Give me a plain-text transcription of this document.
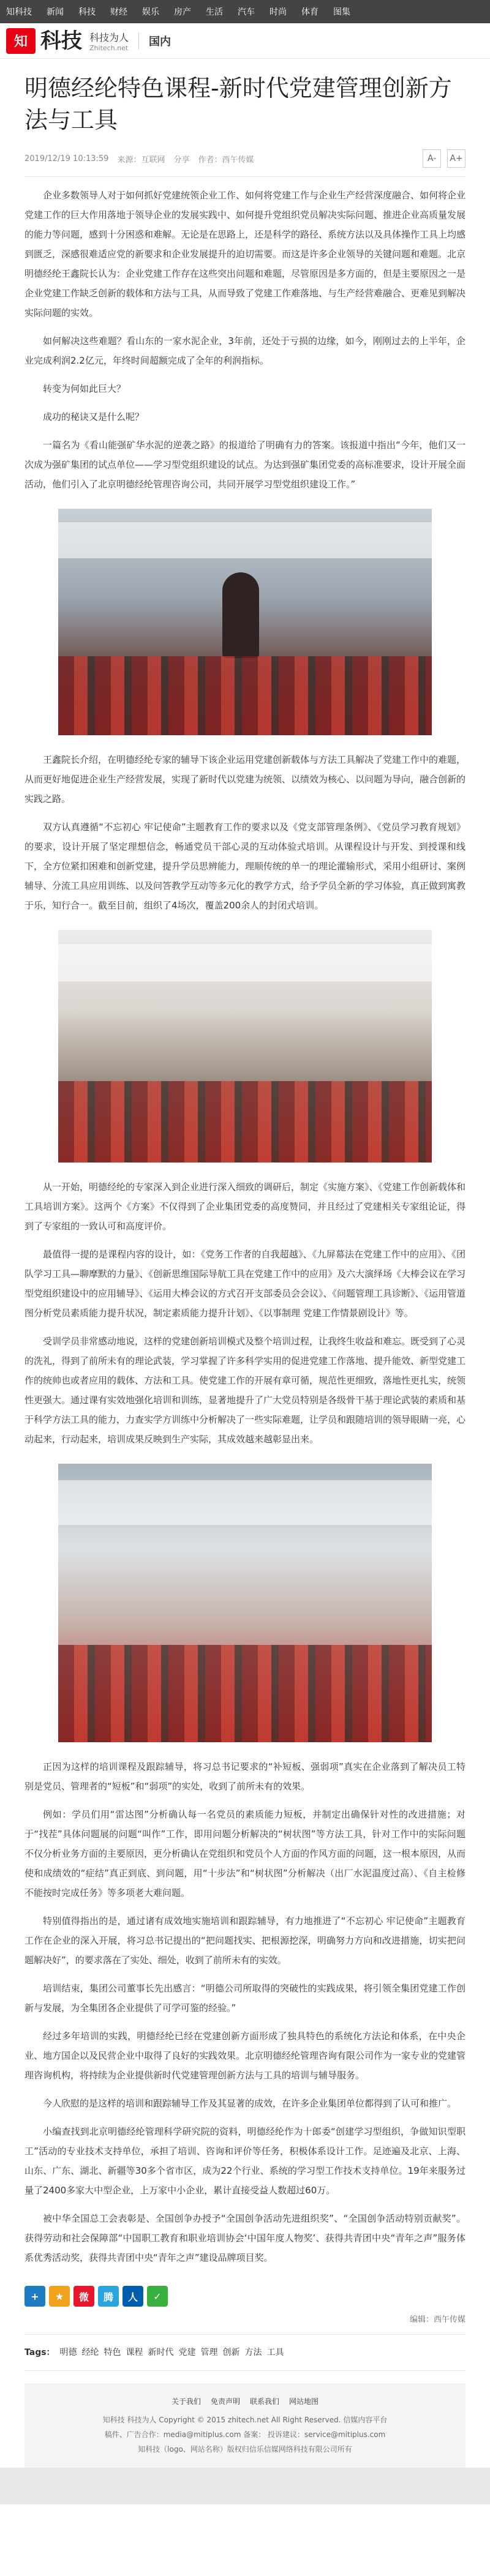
知科技 新闻 科技 财经 娱乐 房产 生活 汽车 时尚 体育 图集
知 科技 科技为人
Zhitech.net 国内
明德经纶特色课程-新时代党建管理创新方法与工具
2019/12/19 10:13:59 来源：互联网 分享 作者：西午传媒	A-	A+

企业多数领导人对于如何抓好党建统领企业工作、如何将党建工作与企业生产经营深度融合、如何将企业党建工作的巨大作用落地于领导企业的发展实践中、如何提升党组织党员解决实际问题、推进企业高质量发展的能力等问题，感到十分困惑和难解。无论是在思路上，还是科学的路径、系统方法以及具体操作工具上均感到匮乏，深感很难适应党的新要求和企业发展提升的迫切需要。而这是许多企业领导的关键问题和难题。北京明德经纶王鑫院长认为：企业党建工作存在这些突出问题和难题，尽管原因是多方面的，但是主要原因之一是企业党建工作缺乏创新的载体和方法与工具，从而导致了党建工作难落地、与生产经营难融合、更难见到解决实际问题的实效。

如何解决这些难题？看山东的一家水泥企业，3年前，还处于亏损的边缘，如今，刚刚过去的上半年，企业完成利润2.2亿元，年终时间超额完成了全年的利润指标。

转变为何如此巨大？

成功的秘诀又是什么呢？

一篇名为《看山能强矿华水泥的逆袭之路》的报道给了明确有力的答案。该报道中指出“今年，他们又一次成为强矿集团的试点单位——学习型党组织建设的试点。为达到强矿集团党委的高标准要求，设计开展全面活动，他们引入了北京明德经纶管理咨询公司，共同开展学习型党组织建设工作。”

王鑫院长介绍，在明德经纶专家的辅导下该企业运用党建创新载体与方法工具解决了党建工作中的难题，从而更好地促进企业生产经营发展，实现了新时代以党建为统领、以绩效为核心、以问题为导向，融合创新的实践之路。

双方认真遵循“不忘初心 牢记使命”主题教育工作的要求以及《党支部管理条例》、《党员学习教育规划》的要求，设计开展了坚定理想信念，畅通党员干部心灵的互动体验式培训。从课程设计与开发、到授课和线下，全方位紧扣困难和创新党建，提升学员思辨能力，理顺传统的单一的理论灌输形式，采用小组研讨、案例辅导、分流工具应用训练、以及问答教学互动等多元化的教学方式，给予学员全新的学习体验，真正做到寓教于乐，知行合一。截至目前，组织了4场次，覆盖200余人的封闭式培训。

从一开始，明德经纶的专家深入到企业进行深入细致的调研后，制定《实施方案》、《党建工作创新载体和工具培训方案》。这两个《方案》不仅得到了企业集团党委的高度赞同，并且经过了党建相关专家组论证，得到了专家组的一致认可和高度评价。

最值得一提的是课程内容的设计，如：《党务工作者的自我超越》、《九屏幕法在党建工作中的应用》、《团队学习工具—聊摩默的力量》、《创新思维国际导航工具在党建工作中的应用》及六大演绎场《大棒会议在学习型党组织建设中的应用辅导》、《运用大棒会议的方式召开支部委员会会议》、《问题管理工具诊断》、《运用管道图分析党员素质能力提升状况，制定素质能力提升计划》、《以事制理 党建工作情景剧设计》等。

受训学员非常感动地说，这样的党建创新培训模式及整个培训过程，让我终生收益和难忘。既受到了心灵的洗礼，得到了前所未有的理论武装，学习掌握了许多科学实用的促进党建工作落地、提升能效、新型党建工作的统帅也或者应用的载体、方法和工具。使党建工作的开展有章可循，规范性更细致，落地性更扎实，统领性更强大。通过课有实效地强化培训和训练，显著地提升了广大党员特别是各级骨干基于理论武装的素质和基于科学方法工具的能力，力查实学方训练中分析解决了一些实际难题，让学员和跟随培训的领导眼睛一亮，心动起来，行动起来，培训成果反映到生产实际，其成效越来越彰显出来。

正因为这样的培训课程及跟踪辅导，将习总书记要求的“补短板、强弱项”真实在企业落到了解决员工特别是党员、管理者的“短板”和“弱项”的实处，收到了前所未有的效果。

例如：学员们用“雷达图”分析确认每一名党员的素质能力短板，并制定出确保针对性的改进措施；对于“找茬”具体问题展的问题“叫作”工作，即用问题分析解决的“树状图”等方法工具，针对工作中的实际问题不仅分析业务方面的主要原因，更分析确认在党组织和党员个人方面的作风方面的问题，这一根本原因，从而使和成绩效的“症结”真正到底、到问题，用“十步法”和“树状图”分析解决（出厂水泥温度过高）、《自主检修不能按时完成任务》等多项老大难问题。

特别值得指出的是，通过诸有成效地实施培训和跟踪辅导，有力地推进了“不忘初心 牢记使命”主题教育工作在企业的深入开展，将习总书记提出的“把问题找实、把根源挖深，明确努力方向和改进措施，切实把问题解决好”，的要求落在了实处、细处，收到了前所未有的实效。

培训结束，集团公司董事长先出感言：“明德公司所取得的突破性的实践成果，将引领全集团党建工作创新与发展，为全集团各企业提供了可学可鉴的经验。”

经过多年培训的实践，明德经纶已经在党建创新方面形成了独具特色的系统化方法论和体系，在中央企业、地方国企以及民营企业中取得了良好的实践效果。北京明德经纶管理咨询有限公司作为一家专业的党建管理咨询机构，将持续为企业提供新时代党建管理创新方法与工具的培训与辅导服务。

今人欣慰的是这样的培训和跟踪辅导工作及其显著的成效，在许多企业集团单位都得到了认可和推广。

小编查找到北京明德经纶管理科学研究院的资料，明德经纶作为十郎委“创建学习型组织，争做知识型职工”活动的专业技术支持单位，承担了培训、咨询和评价等任务，积极体系设计工作。足迹遍及北京、上海、山东、广东、湖北、新疆等30多个省市区，成为22个行业、系统的学习型工作技术支持单位。19年来服务过量了2400多家大中型企业，上万家中小企业，累计直接受益人数超过60万。

被中华全国总工会表彰是、全国创争办授予“全国创争活动先进组织奖”、“全国创争活动特别贡献奖”。获得劳动和社会保障部“中国职工教育和职业培训协会‘中国年度人物奖’、获得共青团中央“青年之声”服务体系优秀活动奖，获得共青团中央“青年之声”建设品牌项目奖。

+	★	微	腾	人	✓
编辑：西午传媒
Tags： 明德 经纶 特色 课程 新时代 党建 管理 创新 方法 工具
关于我们 免责声明 联系我们 网站地图
知科技 科技为人 Copyright © 2015 zhitech.net All Right Reserved. 信媒内容平台
稿件、广告合作：media@mitiplus.com 备案： 投诉建议：service@mitiplus.com
知科技（logo、网站名称）版权归信乐信媒网络科技有限公司所有
